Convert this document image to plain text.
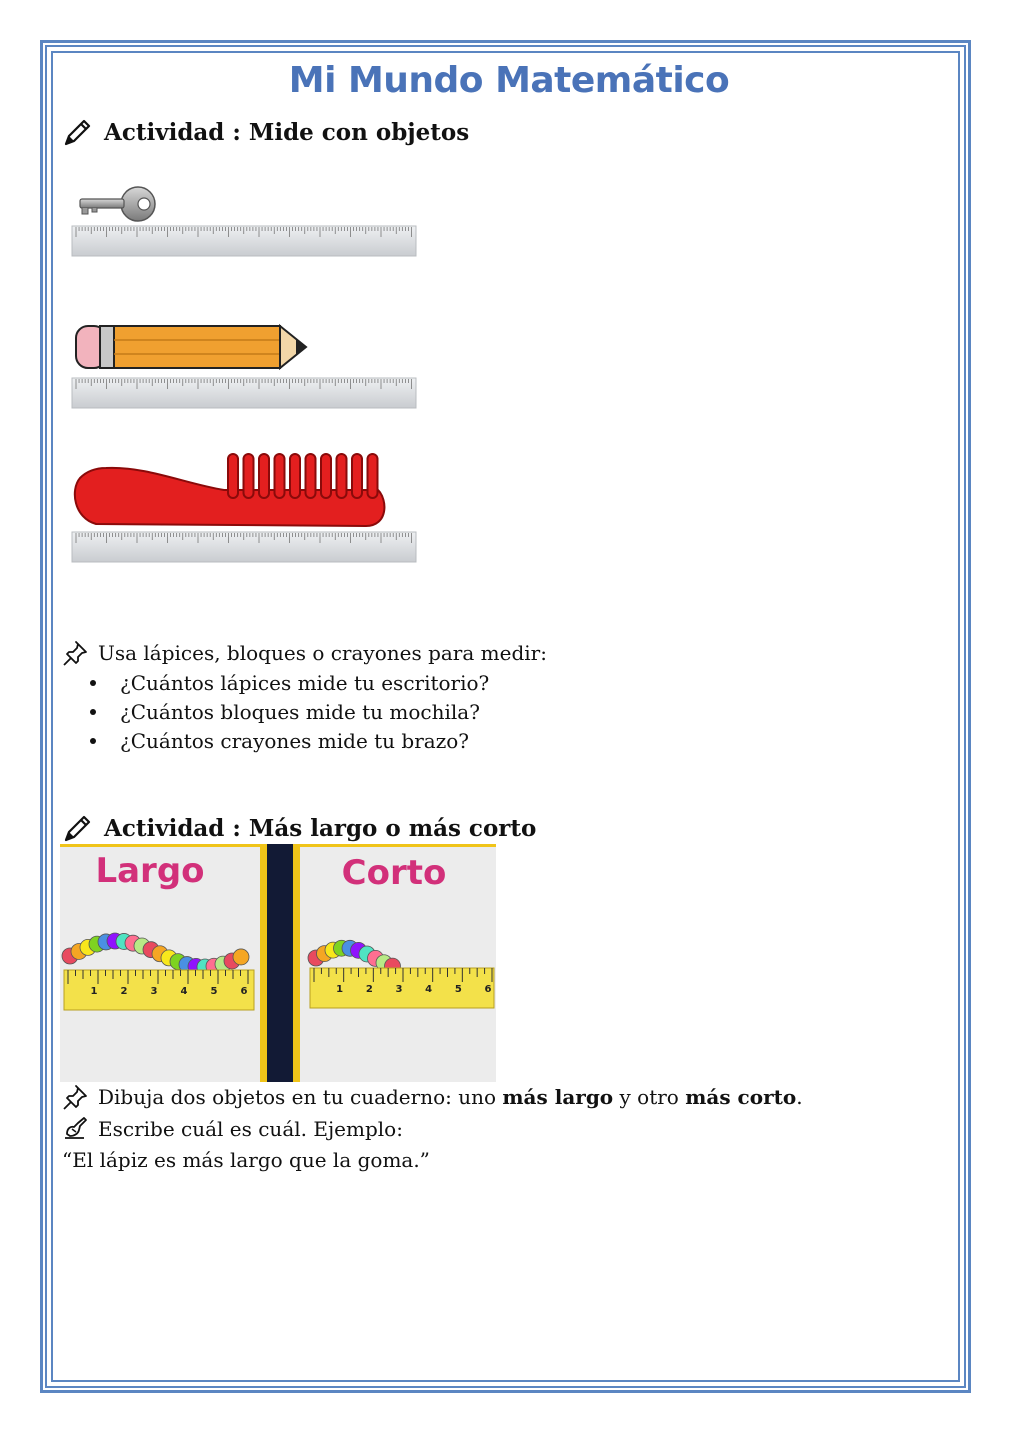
Mi Mundo Matemático
Actividad : Mide con objetos
Usa lápices, bloques o crayones para medir:
¿Cuántos lápices mide tu escritorio?
¿Cuántos bloques mide tu mochila?
¿Cuántos crayones mide tu brazo?
Actividad : Más largo o más corto
Largo	Corto
1 2 3 4 5 6	1 2 3 4 5 6
Dibuja dos objetos en tu cuaderno: uno más largo y otro más corto.
Escribe cuál es cuál. Ejemplo:
“El lápiz es más largo que la goma.”
